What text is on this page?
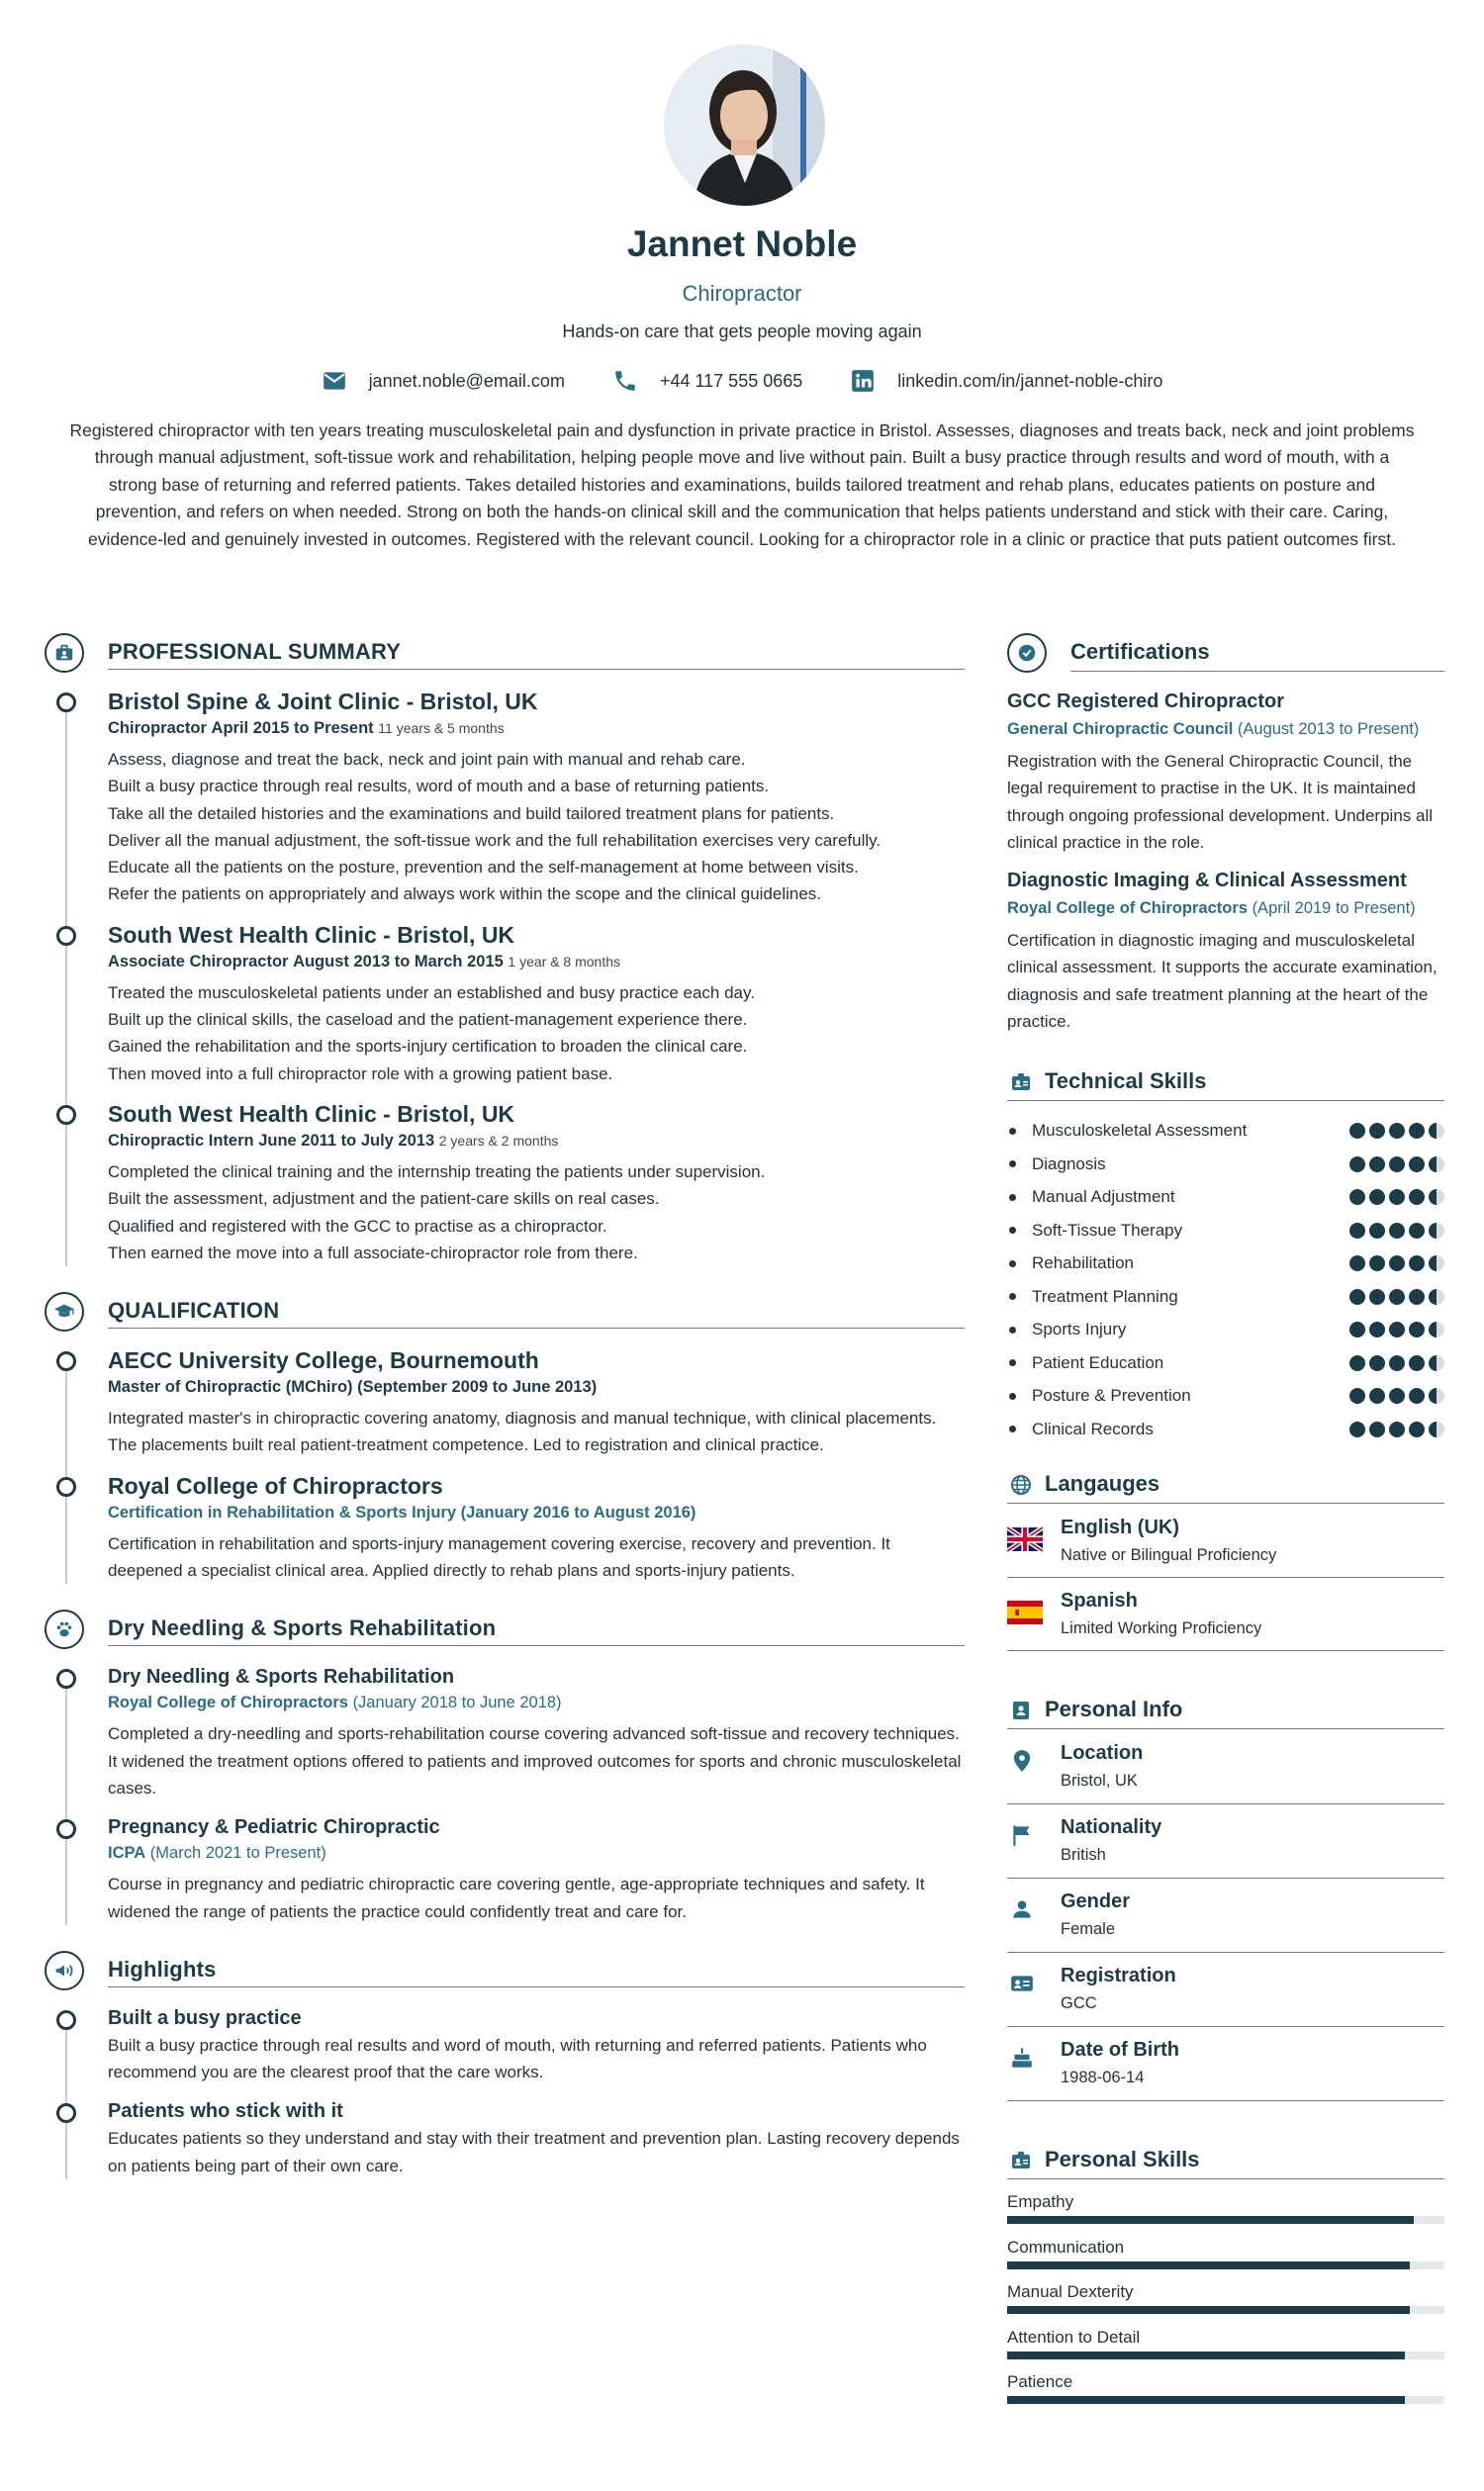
Jannet Noble
Chiropractor
Hands-on care that gets people moving again
jannet.noble@email.com	+44 117 555 0665	linkedin.com/in/jannet-noble-chiro
Registered chiropractor with ten years treating musculoskeletal pain and dysfunction in private practice in Bristol. Assesses, diagnoses and treats back, neck and joint problems through manual adjustment, soft-tissue work and rehabilitation, helping people move and live without pain. Built a busy practice through results and word of mouth, with a strong base of returning and referred patients. Takes detailed histories and examinations, builds tailored treatment and rehab plans, educates patients on posture and prevention, and refers on when needed. Strong on both the hands-on clinical skill and the communication that helps patients understand and stick with their care. Caring, evidence-led and genuinely invested in outcomes. Registered with the relevant council. Looking for a chiropractor role in a clinic or practice that puts patient outcomes first.
PROFESSIONAL SUMMARY
Bristol Spine & Joint Clinic - Bristol, UK
Chiropractor April 2015 to Present 11 years & 5 months
Assess, diagnose and treat the back, neck and joint pain with manual and rehab care.
Built a busy practice through real results, word of mouth and a base of returning patients.
Take all the detailed histories and the examinations and build tailored treatment plans for patients.
Deliver all the manual adjustment, the soft-tissue work and the full rehabilitation exercises very carefully.
Educate all the patients on the posture, prevention and the self-management at home between visits.
Refer the patients on appropriately and always work within the scope and the clinical guidelines.
South West Health Clinic - Bristol, UK
Associate Chiropractor August 2013 to March 2015 1 year & 8 months
Treated the musculoskeletal patients under an established and busy practice each day.
Built up the clinical skills, the caseload and the patient-management experience there.
Gained the rehabilitation and the sports-injury certification to broaden the clinical care.
Then moved into a full chiropractor role with a growing patient base.
South West Health Clinic - Bristol, UK
Chiropractic Intern June 2011 to July 2013 2 years & 2 months
Completed the clinical training and the internship treating the patients under supervision.
Built the assessment, adjustment and the patient-care skills on real cases.
Qualified and registered with the GCC to practise as a chiropractor.
Then earned the move into a full associate-chiropractor role from there.
QUALIFICATION
AECC University College, Bournemouth
Master of Chiropractic (MChiro) (September 2009 to June 2013)
Integrated master's in chiropractic covering anatomy, diagnosis and manual technique, with clinical placements. The placements built real patient-treatment competence. Led to registration and clinical practice.
Royal College of Chiropractors
Certification in Rehabilitation & Sports Injury (January 2016 to August 2016)
Certification in rehabilitation and sports-injury management covering exercise, recovery and prevention. It deepened a specialist clinical area. Applied directly to rehab plans and sports-injury patients.
Dry Needling & Sports Rehabilitation
Dry Needling & Sports Rehabilitation
Royal College of Chiropractors (January 2018 to June 2018)
Completed a dry-needling and sports-rehabilitation course covering advanced soft-tissue and recovery techniques. It widened the treatment options offered to patients and improved outcomes for sports and chronic musculoskeletal cases.
Pregnancy & Pediatric Chiropractic
ICPA (March 2021 to Present)
Course in pregnancy and pediatric chiropractic care covering gentle, age-appropriate techniques and safety. It widened the range of patients the practice could confidently treat and care for.
Highlights
Built a busy practice
Built a busy practice through real results and word of mouth, with returning and referred patients. Patients who recommend you are the clearest proof that the care works.
Patients who stick with it
Educates patients so they understand and stay with their treatment and prevention plan. Lasting recovery depends on patients being part of their own care.
Certifications
GCC Registered Chiropractor
General Chiropractic Council (August 2013 to Present)
Registration with the General Chiropractic Council, the legal requirement to practise in the UK. It is maintained through ongoing professional development. Underpins all clinical practice in the role.
Diagnostic Imaging & Clinical Assessment
Royal College of Chiropractors (April 2019 to Present)
Certification in diagnostic imaging and musculoskeletal clinical assessment. It supports the accurate examination, diagnosis and safe treatment planning at the heart of the practice.
Technical Skills
Musculoskeletal Assessment
Diagnosis
Manual Adjustment
Soft-Tissue Therapy
Rehabilitation
Treatment Planning
Sports Injury
Patient Education
Posture & Prevention
Clinical Records
Langauges
English (UK)
Native or Bilingual Proficiency
Spanish
Limited Working Proficiency
Personal Info
Location
Bristol, UK
Nationality
British
Gender
Female
Registration
GCC
Date of Birth
1988-06-14
Personal Skills
Empathy
Communication
Manual Dexterity
Attention to Detail
Patience
